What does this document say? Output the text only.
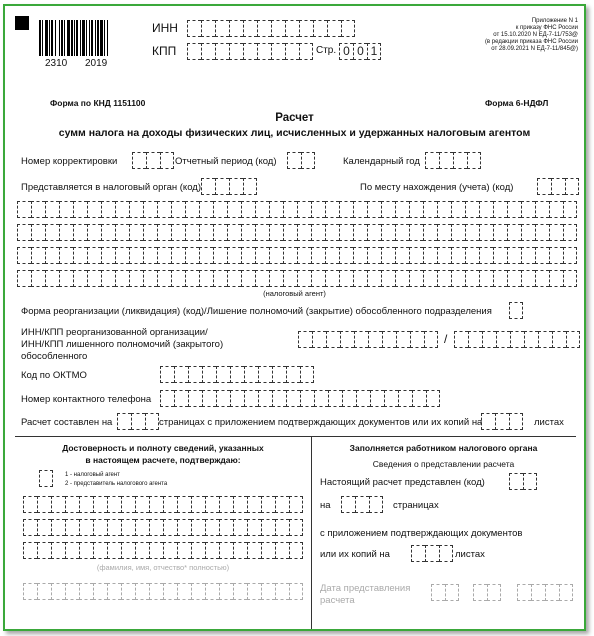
2310 2019
ИНН
КПП	Стр. 0 0 1
Приложение N 1
к приказу ФНС России
от 15.10.2020 N ЕД-7-11/753@
(в редакции приказа ФНС России
от 28.09.2021 N ЕД-7-11/845@)
Форма по КНД 1151100	Форма 6-НДФЛ
Расчет
сумм налога на доходы физических лиц, исчисленных и удержанных налоговым агентом
Номер корректировки	Отчетный период (код)	Календарный год
Представляется в налоговый орган (код)	По месту нахождения (учета) (код)
(налоговый агент)
Форма реорганизации (ликвидация) (код)/Лишение полномочий (закрытие) обособленного подразделения
ИНН/КПП реорганизованной организации/
ИНН/КПП лишенного полномочий (закрытого)
обособленного
/
Код по ОКТМО
Номер контактного телефона
Расчет составлен на	страницах с приложением подтверждающих документов или их копий на	листах
Достоверность и полноту сведений, указанных
в настоящем расчете, подтверждаю:
1 - налоговый агент
2 - представитель налогового агента
(фамилия, имя, отчество* полностью)
Заполняется работником налогового органа
Сведения о представлении расчета
Настоящий расчет представлен (код)
на	страницах
с приложением подтверждающих документов
или их копий на	листах
Дата представления
расчета
